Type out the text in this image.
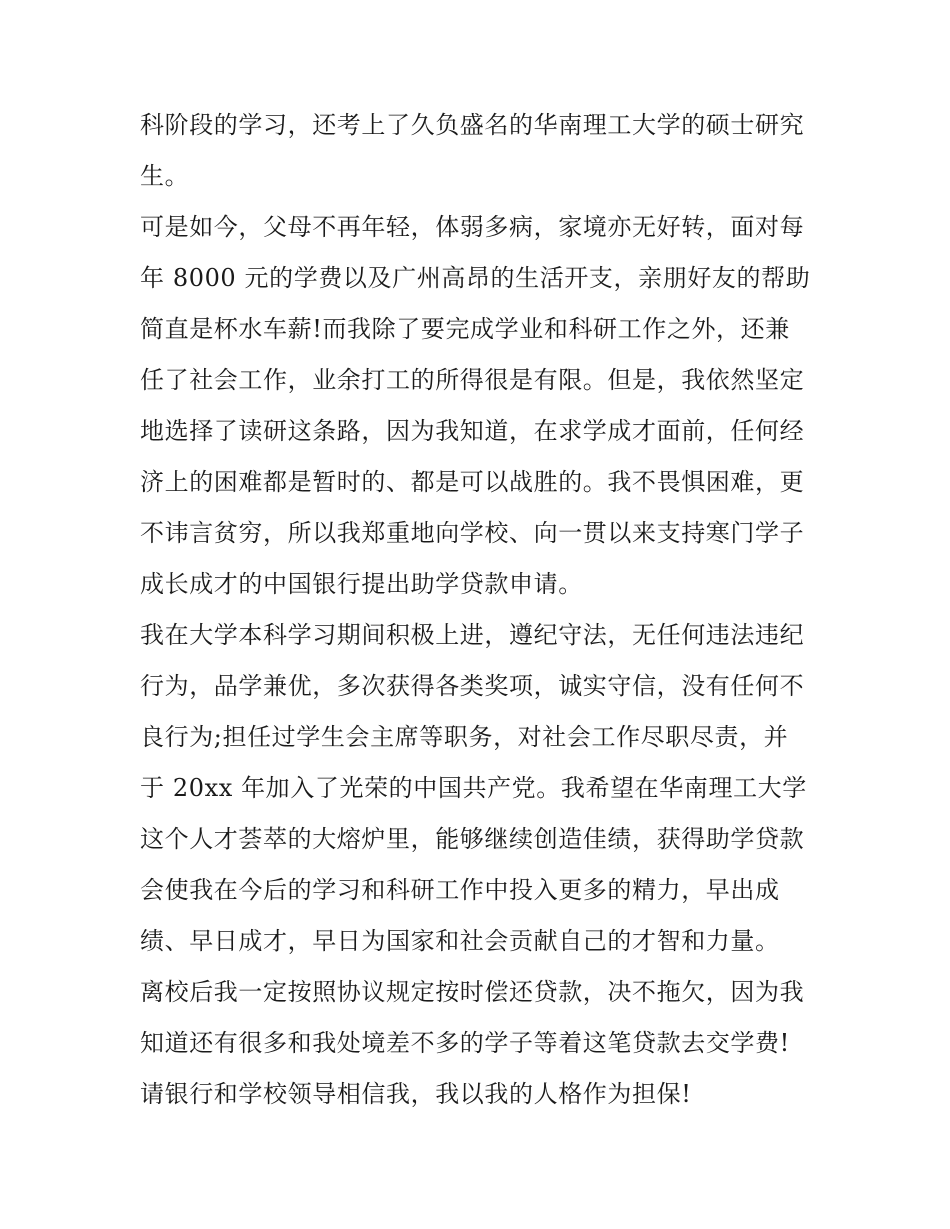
科阶段的学习，还考上了久负盛名的华南理工大学的硕士研究
生。
可是如今，父母不再年轻，体弱多病，家境亦无好转，面对每
年 8000 元的学费以及广州高昂的生活开支，亲朋好友的帮助
简直是杯水车薪!而我除了要完成学业和科研工作之外，还兼
任了社会工作，业余打工的所得很是有限。但是，我依然坚定
地选择了读研这条路，因为我知道，在求学成才面前，任何经
济上的困难都是暂时的、都是可以战胜的。我不畏惧困难，更
不讳言贫穷，所以我郑重地向学校、向一贯以来支持寒门学子
成长成才的中国银行提出助学贷款申请。
我在大学本科学习期间积极上进，遵纪守法，无任何违法违纪
行为，品学兼优，多次获得各类奖项，诚实守信，没有任何不
良行为;担任过学生会主席等职务，对社会工作尽职尽责，并
于 20xx 年加入了光荣的中国共产党。我希望在华南理工大学
这个人才荟萃的大熔炉里，能够继续创造佳绩，获得助学贷款
会使我在今后的学习和科研工作中投入更多的精力，早出成
绩、早日成才，早日为国家和社会贡献自己的才智和力量。
离校后我一定按照协议规定按时偿还贷款，决不拖欠，因为我
知道还有很多和我处境差不多的学子等着这笔贷款去交学费!
请银行和学校领导相信我，我以我的人格作为担保!
